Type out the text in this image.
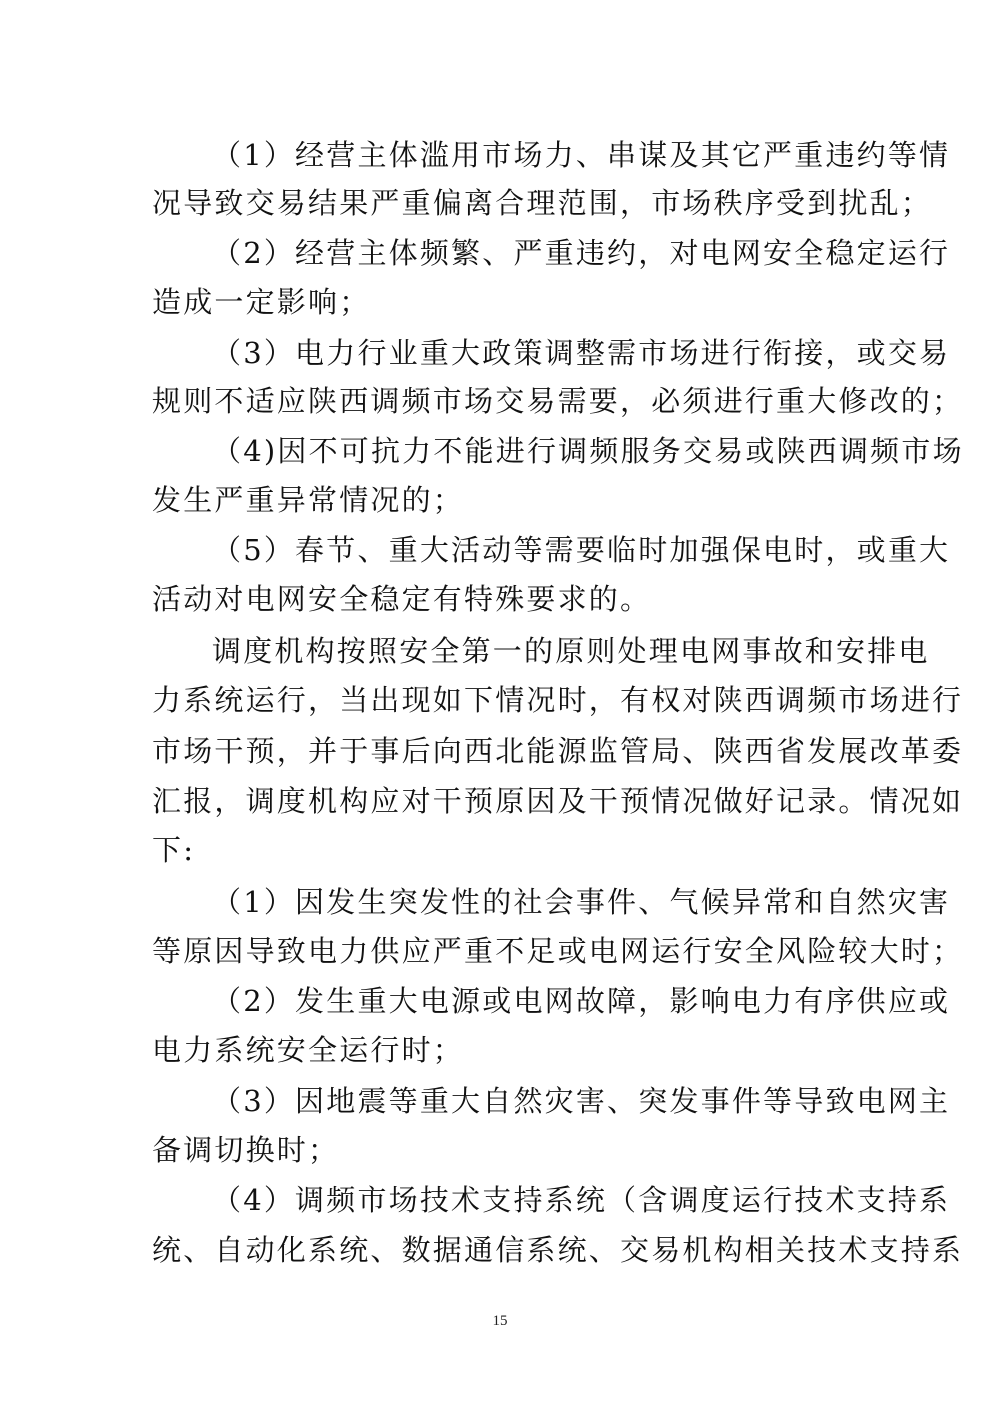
（1）经营主体滥用市场力、串谋及其它严重违约等情
况导致交易结果严重偏离合理范围，市场秩序受到扰乱；
（2）经营主体频繁、严重违约，对电网安全稳定运行
造成一定影响；
（3）电力行业重大政策调整需市场进行衔接，或交易
规则不适应陕西调频市场交易需要，必须进行重大修改的；
（4)因不可抗力不能进行调频服务交易或陕西调频市场
发生严重异常情况的；
（5）春节、重大活动等需要临时加强保电时，或重大
活动对电网安全稳定有特殊要求的。
调度机构按照安全第一的原则处理电网事故和安排电
力系统运行，当出现如下情况时，有权对陕西调频市场进行
市场干预，并于事后向西北能源监管局、陕西省发展改革委
汇报，调度机构应对干预原因及干预情况做好记录。情况如
下:
（1）因发生突发性的社会事件、气候异常和自然灾害
等原因导致电力供应严重不足或电网运行安全风险较大时；
（2）发生重大电源或电网故障，影响电力有序供应或
电力系统安全运行时；
（3）因地震等重大自然灾害、突发事件等导致电网主
备调切换时；
（4）调频市场技术支持系统（含调度运行技术支持系
统、自动化系统、数据通信系统、交易机构相关技术支持系
15
